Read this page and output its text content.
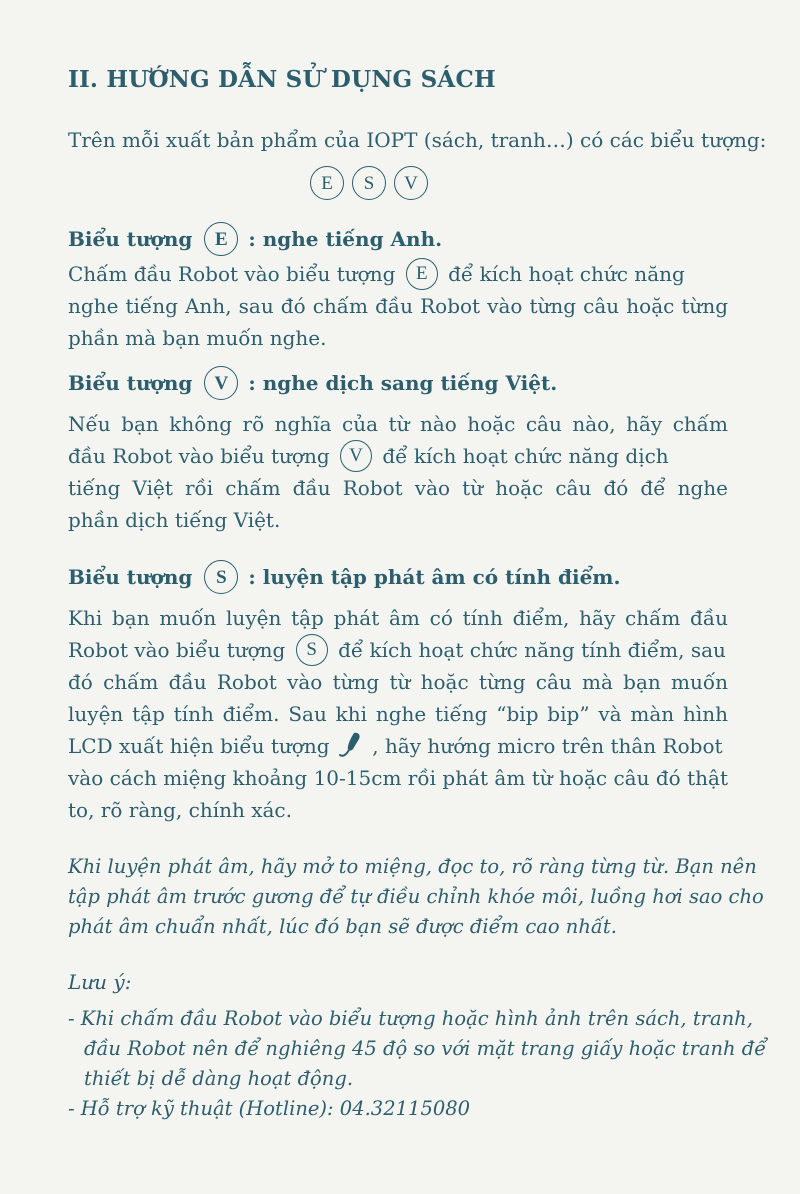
II. HƯỚNG DẪN SỬ DỤNG SÁCH
Trên mỗi xuất bản phẩm của IOPT (sách, tranh…) có các biểu tượng:
E	S	V
Biểu tượng	E	: nghe tiếng Anh.
Chấm đầu Robot vào biểu tượng E để kích hoạt chức năng
nghe tiếng Anh, sau đó chấm đầu Robot vào từng câu hoặc từng
phần mà bạn muốn nghe.
Biểu tượng	V	: nghe dịch sang tiếng Việt.
Nếu bạn không rõ nghĩa của từ nào hoặc câu nào, hãy chấm
đầu Robot vào biểu tượng V để kích hoạt chức năng dịch
tiếng Việt rồi chấm đầu Robot vào từ hoặc câu đó để nghe
phần dịch tiếng Việt.
Biểu tượng	S	: luyện tập phát âm có tính điểm.
Khi bạn muốn luyện tập phát âm có tính điểm, hãy chấm đầu
Robot vào biểu tượng S để kích hoạt chức năng tính điểm, sau
đó chấm đầu Robot vào từng từ hoặc từng câu mà bạn muốn
luyện tập tính điểm. Sau khi nghe tiếng “bip bip” và màn hình
LCD xuất hiện biểu tượng , hãy hướng micro trên thân Robot
vào cách miệng khoảng 10-15cm rồi phát âm từ hoặc câu đó thật
to, rõ ràng, chính xác.
Khi luyện phát âm, hãy mở to miệng, đọc to, rõ ràng từng từ. Bạn nên
tập phát âm trước gương để tự điều chỉnh khóe môi, luồng hơi sao cho
phát âm chuẩn nhất, lúc đó bạn sẽ được điểm cao nhất.
Lưu ý:
- Khi chấm đầu Robot vào biểu tượng hoặc hình ảnh trên sách, tranh,
đầu Robot nên để nghiêng 45 độ so với mặt trang giấy hoặc tranh để
thiết bị dễ dàng hoạt động.
- Hỗ trợ kỹ thuật (Hotline): 04.32115080
